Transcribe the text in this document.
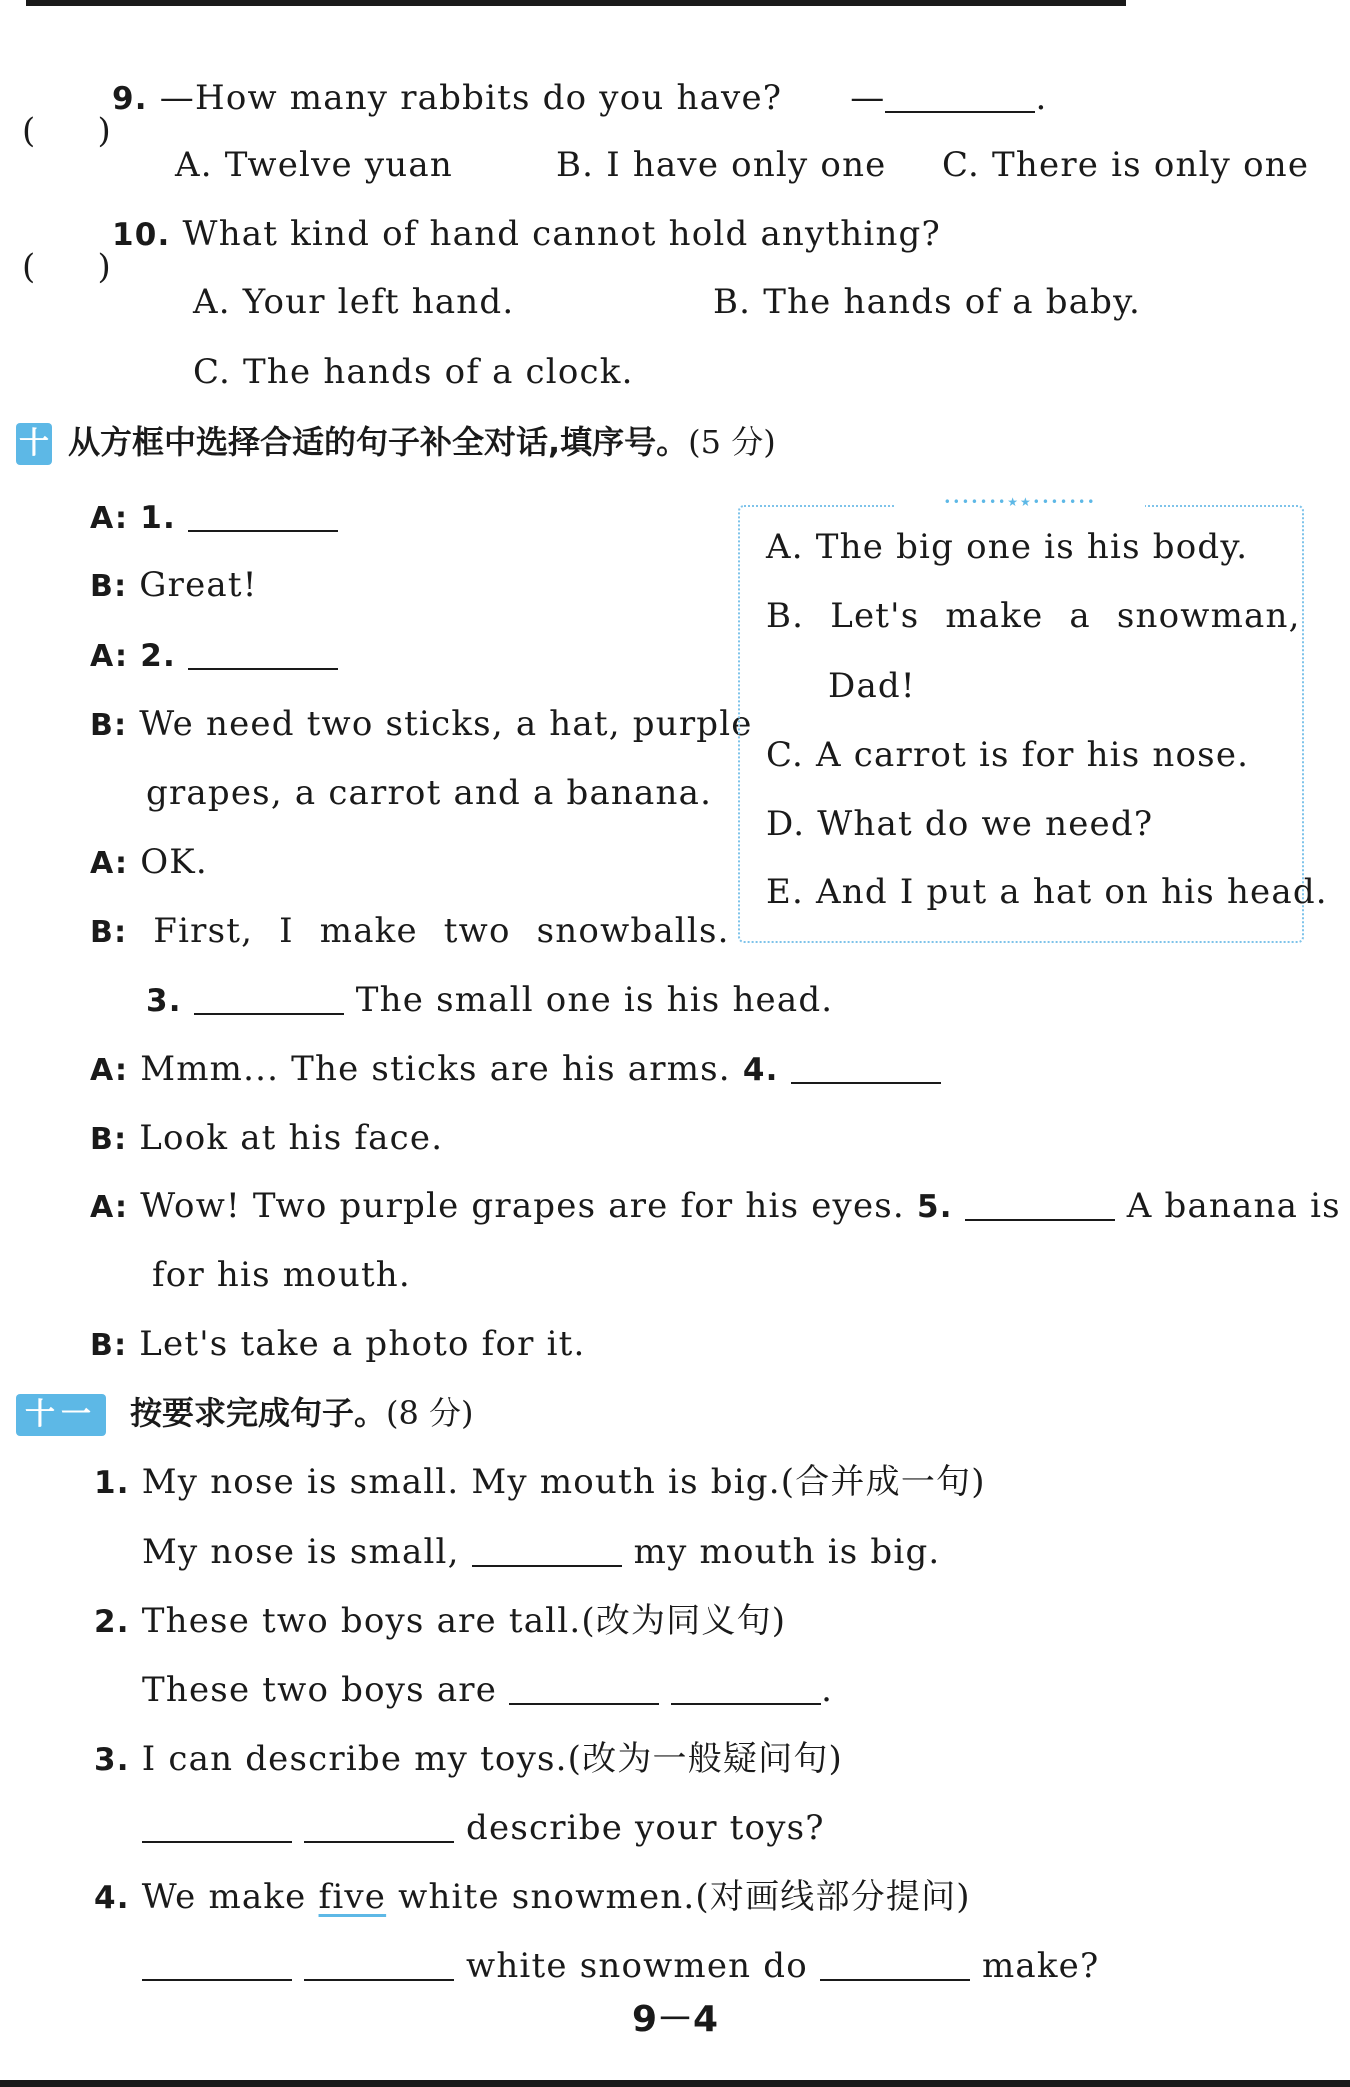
( )
9. —How many rabbits do you have? —	.
A. Twelve yuan	B. I have only one C. There is only one
( )
10. What kind of hand cannot hold anything?
A. Your left hand.	B. The hands of a baby.
C. The hands of a clock.
十 从方框中选择合适的句子补全对话,填序号。(5 分)
A: 1.
B: Great!
A: 2.
B: We need two sticks, a hat, purple
grapes, a carrot and a banana.
A: OK.
B: First, I make two snowballs.
3.	The small one is his head.
A: Mmm... The sticks are his arms. 4.
B: Look at his face.
A: Wow! Two purple grapes are for his eyes. 5.	A banana is
for his mouth.
B: Let's take a photo for it.
•••••••★★•••••••
A. The big one is his body.
B. Let's make a snowman,
Dad!
C. A carrot is for his nose.
D. What do we need?
E. And I put a hat on his head.
十一 按要求完成句子。(8 分)
1. My nose is small. My mouth is big.(合并成一句)
My nose is small,	my mouth is big.
2. These two boys are tall.(改为同义句)
These two boys are	.
3. I can describe my toys.(改为一般疑问句)
describe your toys?
4. We make five white snowmen.(对画线部分提问)
white snowmen do	make?
9－4
